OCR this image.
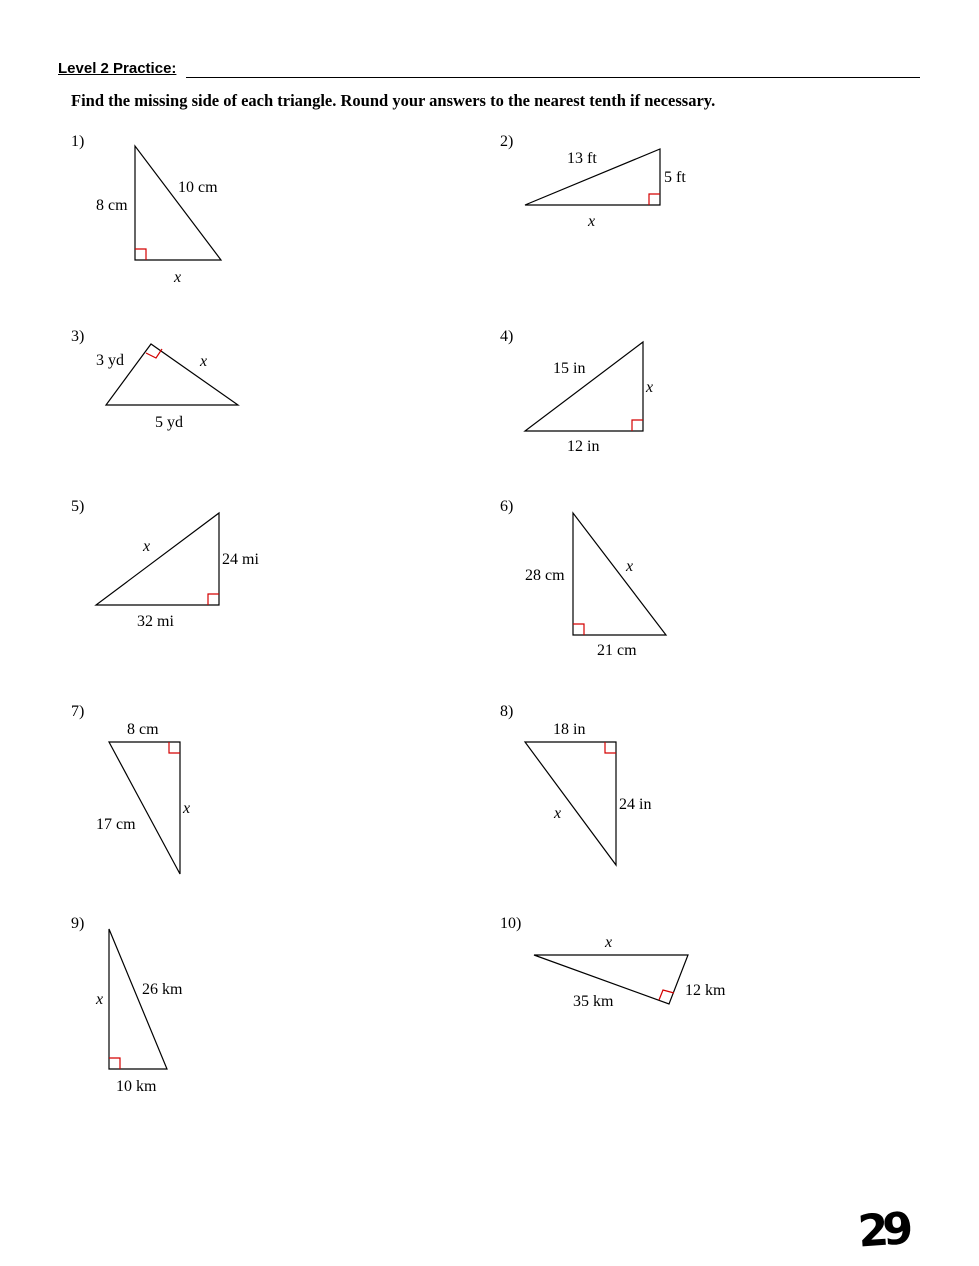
Level 2 Practice:
Find the missing side of each triangle. Round your answers to the nearest tenth if necessary.
1)
10 cm
8 cm
x
2)
13 ft
5 ft
x
3)
3 yd	x
5 yd
4)
15 in
x
12 in
5)
x
24 mi
32 mi
6)
28 cm
x
21 cm
7)
8 cm
x
17 cm
8)
18 in
24 in
x
9)
26 km
x
10 km
10)
x
12 km
35 km
29
